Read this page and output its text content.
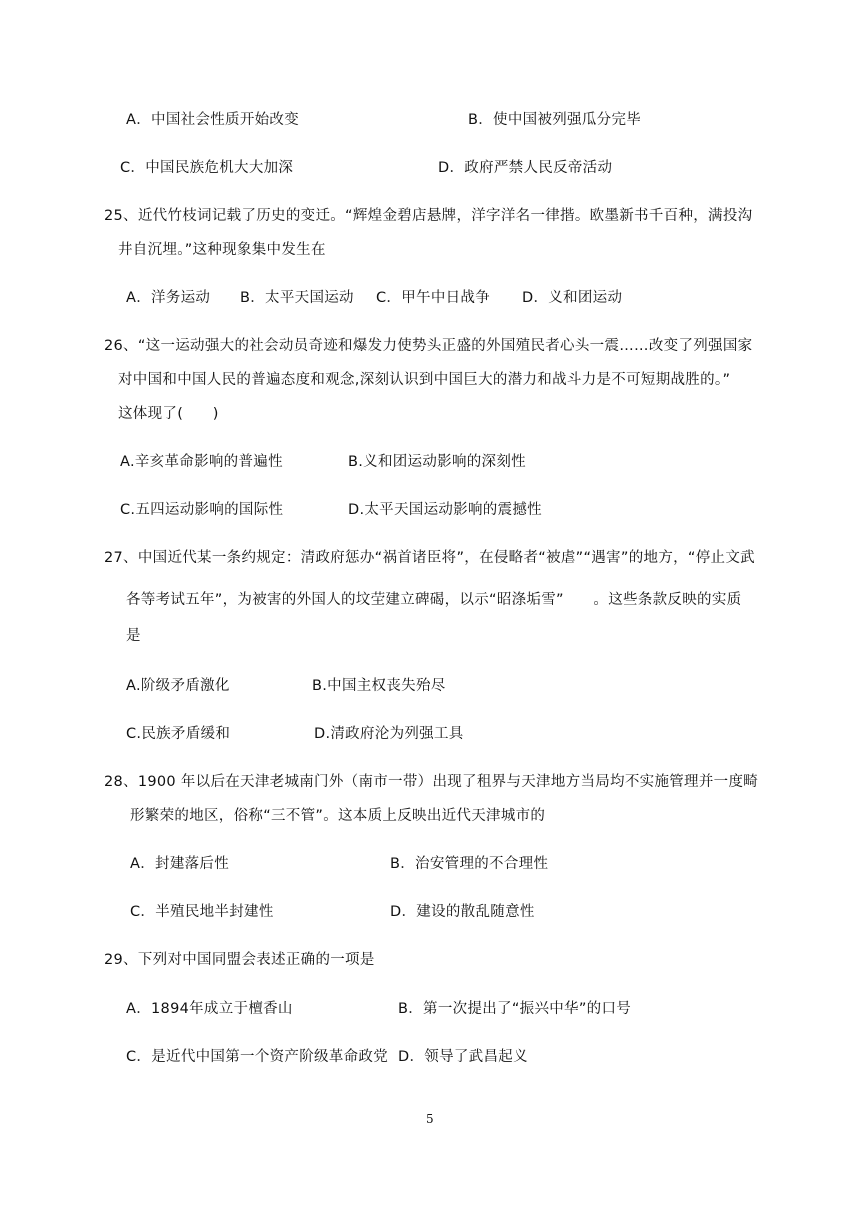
A．中国社会性质开始改变	B．使中国被列强瓜分完毕
C．中国民族危机大大加深	D．政府严禁人民反帝活动
25、近代竹枝词记载了历史的变迁。“辉煌金碧店悬牌，洋字洋名一律揩。欧墨新书千百种，满投沟
井自沉埋。”这种现象集中发生在
A．洋务运动 B．太平天国运动 C．甲午中日战争 D．义和团运动
26、“这一运动强大的社会动员奇迹和爆发力使势头正盛的外国殖民者心头一震……改变了列强国家
对中国和中国人民的普遍态度和观念,深刻认识到中国巨大的潜力和战斗力是不可短期战胜的。”
这体现了(　　)
A.辛亥革命影响的普遍性	B.义和团运动影响的深刻性
C.五四运动影响的国际性	D.太平天国运动影响的震撼性
27、中国近代某一条约规定：清政府惩办“祸首诸臣将”，在侵略者“被虐”“遇害”的地方，“停止文武
各等考试五年”，为被害的外国人的坟茔建立碑碣，以示“昭涤垢雪”　　。这些条款反映的实质
是
A.阶级矛盾激化	B.中国主权丧失殆尽
C.民族矛盾缓和	D.清政府沦为列强工具
28、1900 年以后在天津老城南门外（南市一带）出现了租界与天津地方当局均不实施管理并一度畸
形繁荣的地区，俗称“三不管”。这本质上反映出近代天津城市的
A．封建落后性	B．治安管理的不合理性
C．半殖民地半封建性	D．建设的散乱随意性
29、下列对中国同盟会表述正确的一项是
A．1894年成立于檀香山	B．第一次提出了“振兴中华”的口号
C．是近代中国第一个资产阶级革命政党 D．领导了武昌起义
5
